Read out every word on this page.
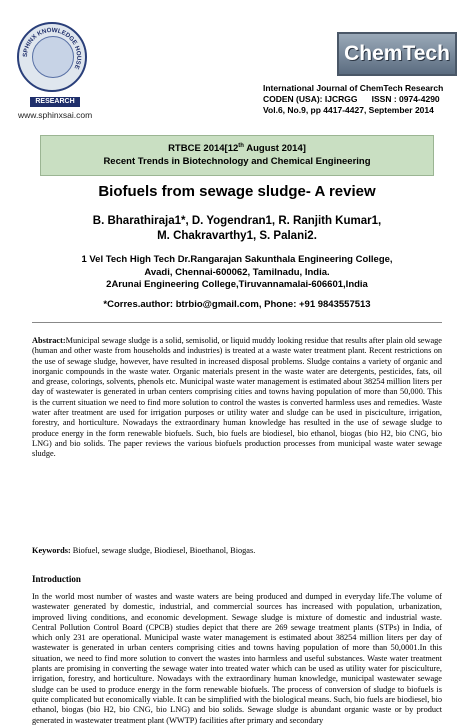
SPHINX KNOWLEDGE HOUSE
RESEARCH
www.sphinxsai.com
ChemTech
International Journal of ChemTech Research
CODEN (USA): IJCRGG      ISSN : 0974-4290
Vol.6, No.9, pp 4417-4427, September 2014
RTBCE 2014[12th August 2014]
Recent Trends in Biotechnology and Chemical Engineering
Biofuels from sewage sludge- A review
B. Bharathiraja1*, D. Yogendran1, R. Ranjith Kumar1,
M. Chakravarthy1, S. Palani2.
1 Vel Tech High Tech Dr.Rangarajan Sakunthala Engineering College,
Avadi, Chennai-600062, Tamilnadu, India.
2Arunai Engineering College,Tiruvannamalai-606601,India
*Corres.author: btrbio@gmail.com, Phone: +91 9843557513
Abstract:Municipal sewage sludge is a solid, semisolid, or liquid muddy looking residue that results after plain old sewage (human and other waste from households and industries) is treated at a waste water treatment plant. Recent restrictions on the use of sewage sludge, however, have resulted in increased disposal problems. Sludge contains a variety of organic and inorganic compounds in the waste water. Organic materials present in the waste water are detergents, pesticides, fats, oil and grease, colorings, solvents, phenols etc. Municipal waste water management is estimated about 38254 million liters per day of wastewater is generated in urban centers comprising cities and towns having population of more than 50,000. This is the current situation we need to find more solution to control the wastes is converted harmless uses and remedies. Waste water after treatment are used for irrigation purposes or utility water and sludge can be used in pisciculture, irrigation, forestry, and horticulture. Nowadays the extraordinary human knowledge has resulted in the use of sewage sludge to produce energy in the form renewable biofuels. Such, bio fuels are biodiesel, bio ethanol, biogas (bio H2, bio CNG, bio LNG) and bio solids. The paper reviews the various biofuels production processes from municipal waste water sewage sludge.
Keywords: Biofuel, sewage sludge, Biodiesel, Bioethanol, Biogas.
Introduction
In the world most number of wastes and waste waters are being produced and dumped in everyday life.The volume of wastewater generated by domestic, industrial, and commercial sources has increased with population, urbanization, improved living conditions, and economic development. Sewage sludge is mixture of domestic and industrial waste. Central Pollution Control Board (CPCB) studies depict that there are 269 sewage treatment plants (STPs) in India, of which only 231 are operational. Municipal waste water management is estimated about 38254 million liters per day of wastewater is generated in urban centers comprising cities and towns having population of more than 50,0001.In this situation, we need to find more solution to convert the wastes into harmless and useful substances. Waste water treatment plants are promising in converting the sewage water into treated water which can be used as utility water for pisciculture, irrigation, forestry, and horticulture. Nowadays with the extraordinary human knowledge, municipal wastewater sewage sludge can be used to produce energy in the form renewable biofuels. The process of conversion of sludge to biofuels is quite complicated but economically viable. It can be simplified with the biological means. Such, bio fuels are biodiesel, bio ethanol, biogas (bio H2, bio CNG, bio LNG) and bio solids. Sewage sludge is abundant organic waste or by product generated in wastewater treatment plant (WWTP) facilities after primary and secondary
